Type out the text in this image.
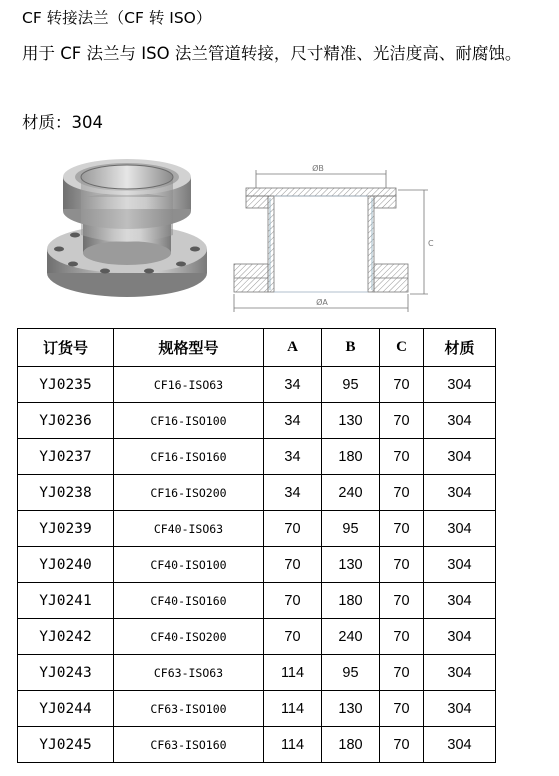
CF 转接法兰（CF 转 ISO）
用于 CF 法兰与 ISO 法兰管道转接，尺寸精准、光洁度高、耐腐蚀。
材质：304
ØB
C
ØA
订货号	规格型号	A	B	C	材质
YJ0235	CF16-ISO63	34	95	70	304
YJ0236	CF16-ISO100	34	130	70	304
YJ0237	CF16-ISO160	34	180	70	304
YJ0238	CF16-ISO200	34	240	70	304
YJ0239	CF40-ISO63	70	95	70	304
YJ0240	CF40-ISO100	70	130	70	304
YJ0241	CF40-ISO160	70	180	70	304
YJ0242	CF40-ISO200	70	240	70	304
YJ0243	CF63-ISO63	114	95	70	304
YJ0244	CF63-ISO100	114	130	70	304
YJ0245	CF63-ISO160	114	180	70	304
